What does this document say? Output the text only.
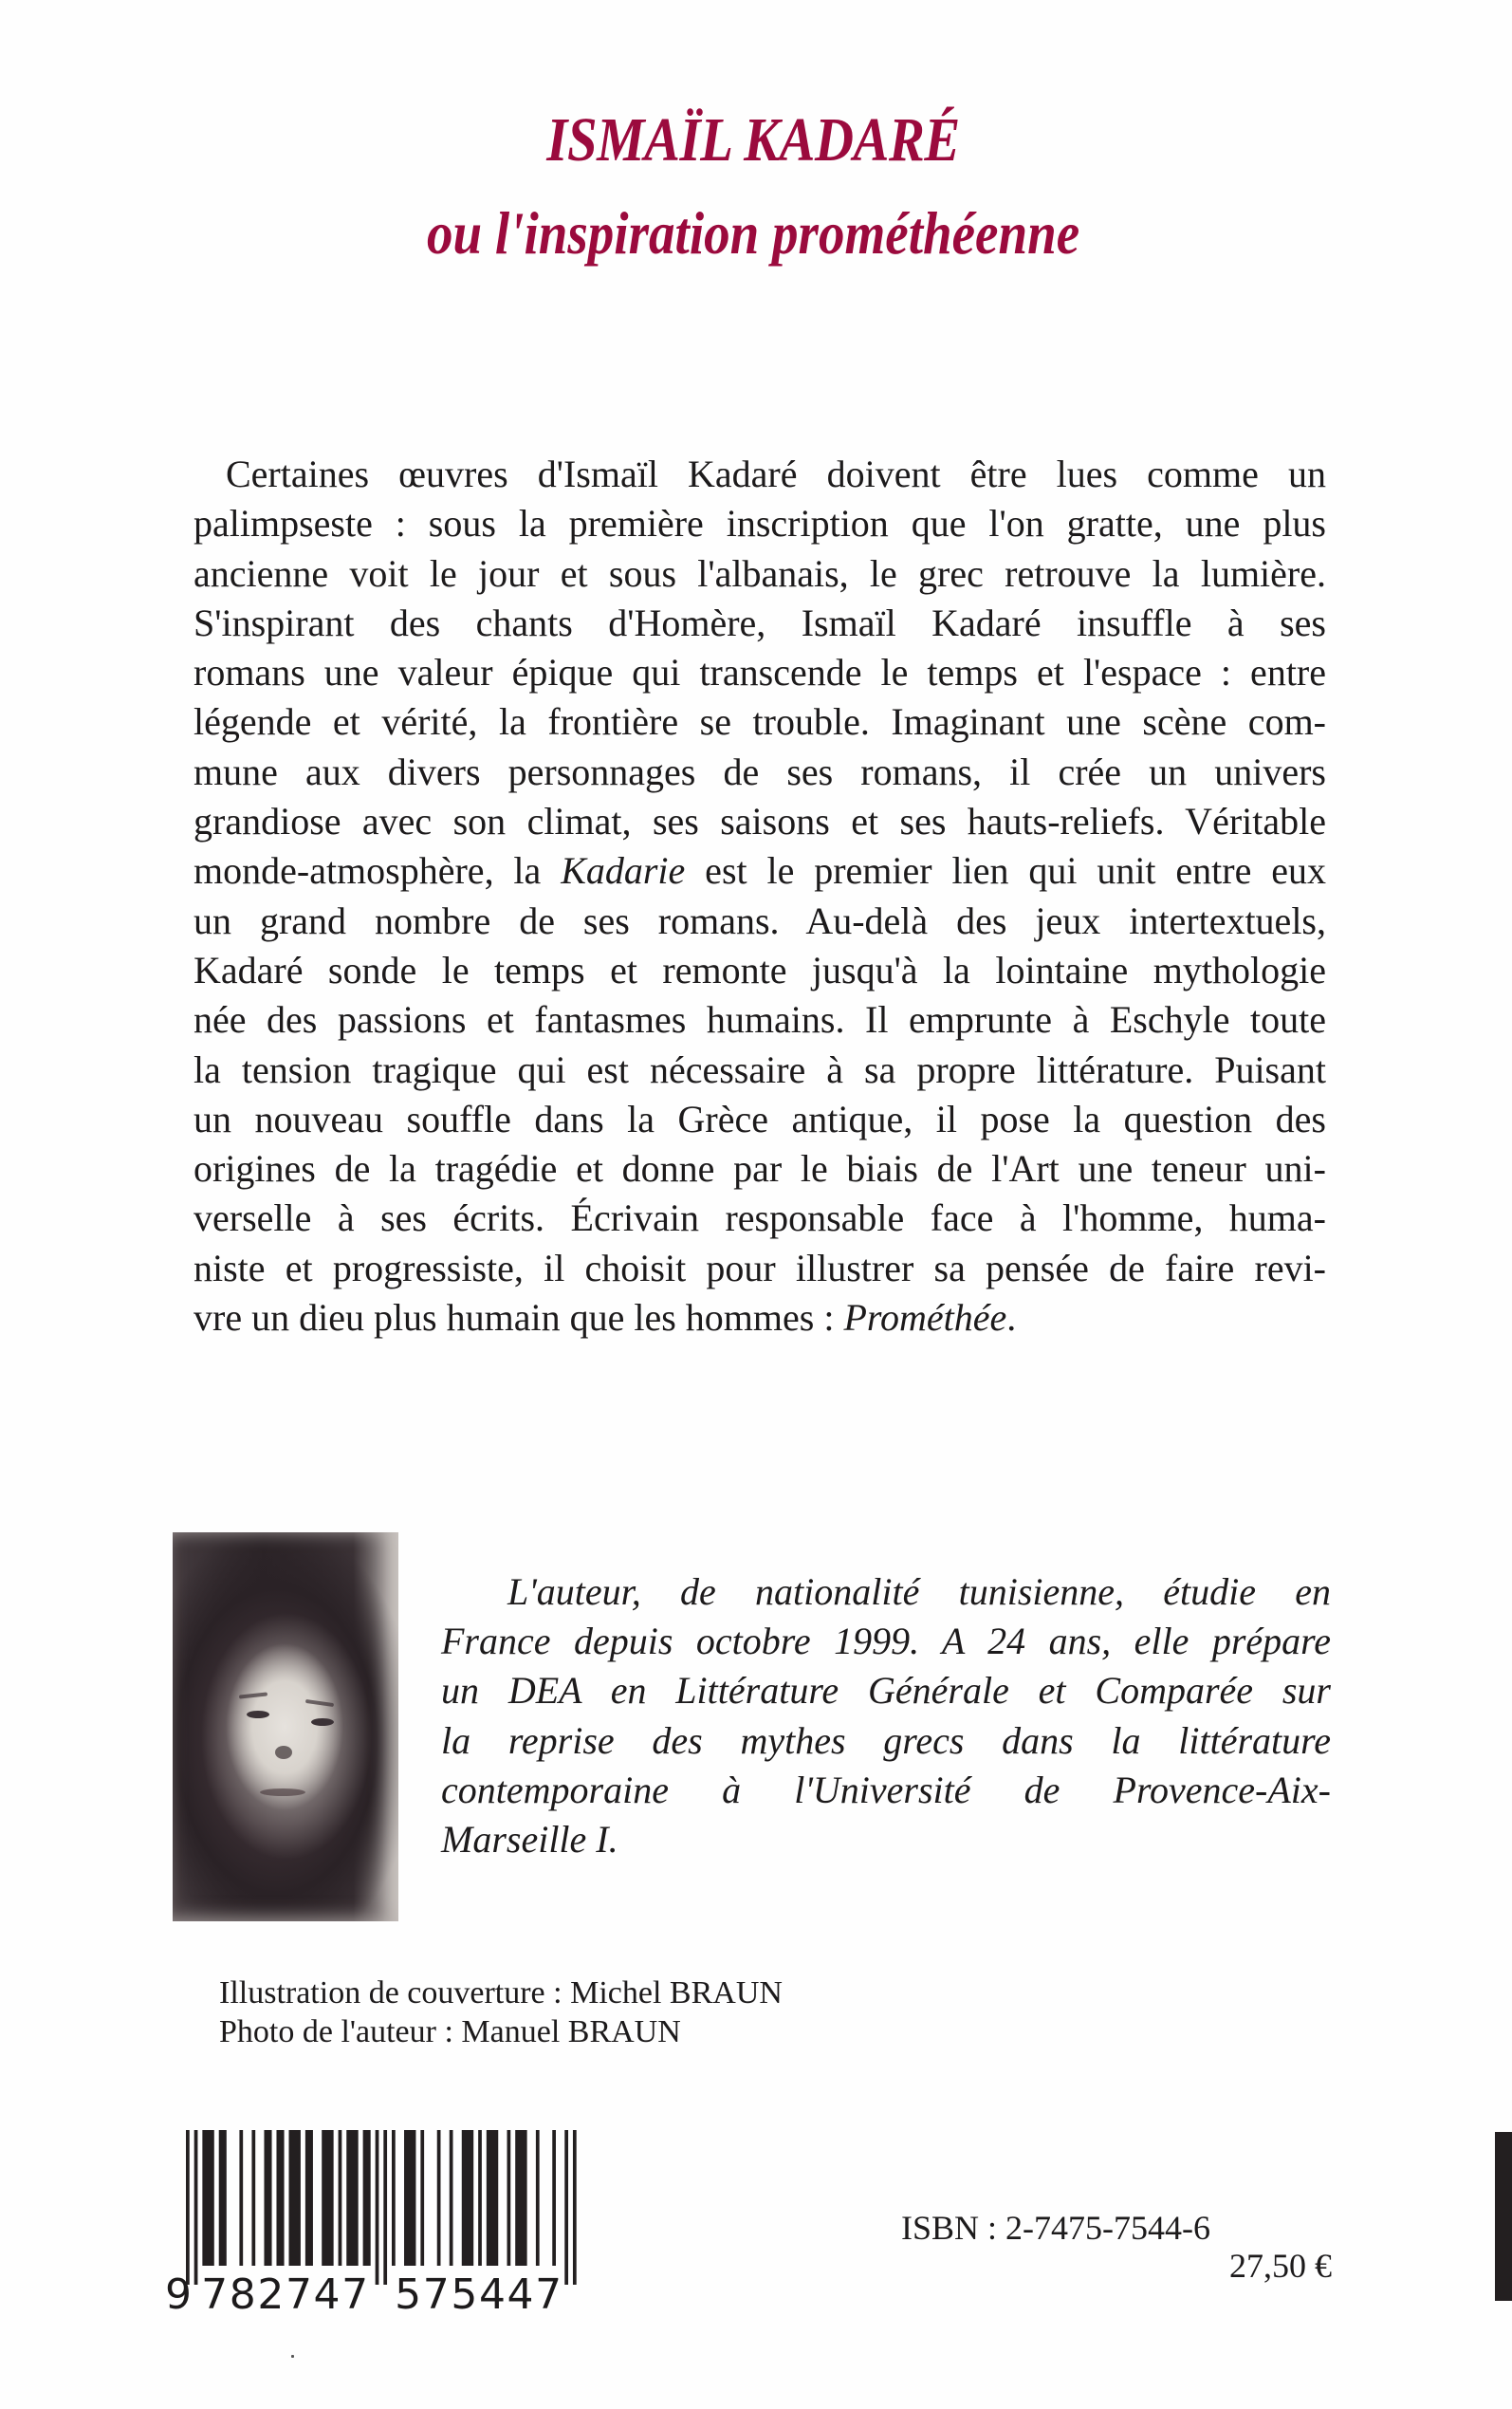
ISMAÏL KADARÉ
ou l'inspiration prométhéenne
Certaines œuvres d'Ismaïl Kadaré doivent être lues comme un
palimpseste : sous la première inscription que l'on gratte, une plus
ancienne voit le jour et sous l'albanais, le grec retrouve la lumière.
S'inspirant des chants d'Homère, Ismaïl Kadaré insuffle à ses
romans une valeur épique qui transcende le temps et l'espace : entre
légende et vérité, la frontière se trouble. Imaginant une scène com-
mune aux divers personnages de ses romans, il crée un univers
grandiose avec son climat, ses saisons et ses hauts-reliefs. Véritable
monde-atmosphère, la Kadarie est le premier lien qui unit entre eux
un grand nombre de ses romans. Au-delà des jeux intertextuels,
Kadaré sonde le temps et remonte jusqu'à la lointaine mythologie
née des passions et fantasmes humains. Il emprunte à Eschyle toute
la tension tragique qui est nécessaire à sa propre littérature. Puisant
un nouveau souffle dans la Grèce antique, il pose la question des
origines de la tragédie et donne par le biais de l'Art une teneur uni-
verselle à ses écrits. Écrivain responsable face à l'homme, huma-
niste et progressiste, il choisit pour illustrer sa pensée de faire revi-
vre un dieu plus humain que les hommes : Prométhée.
L'auteur, de nationalité tunisienne, étudie en
France depuis octobre 1999. A 24 ans, elle prépare
un DEA en Littérature Générale et Comparée sur
la reprise des mythes grecs dans la littérature
contemporaine à l'Université de Provence-Aix-
Marseille I.
Illustration de couverture : Michel BRAUN
Photo de l'auteur : Manuel BRAUN
9 782747 575447
ISBN : 2-7475-7544-6
27,50 €
